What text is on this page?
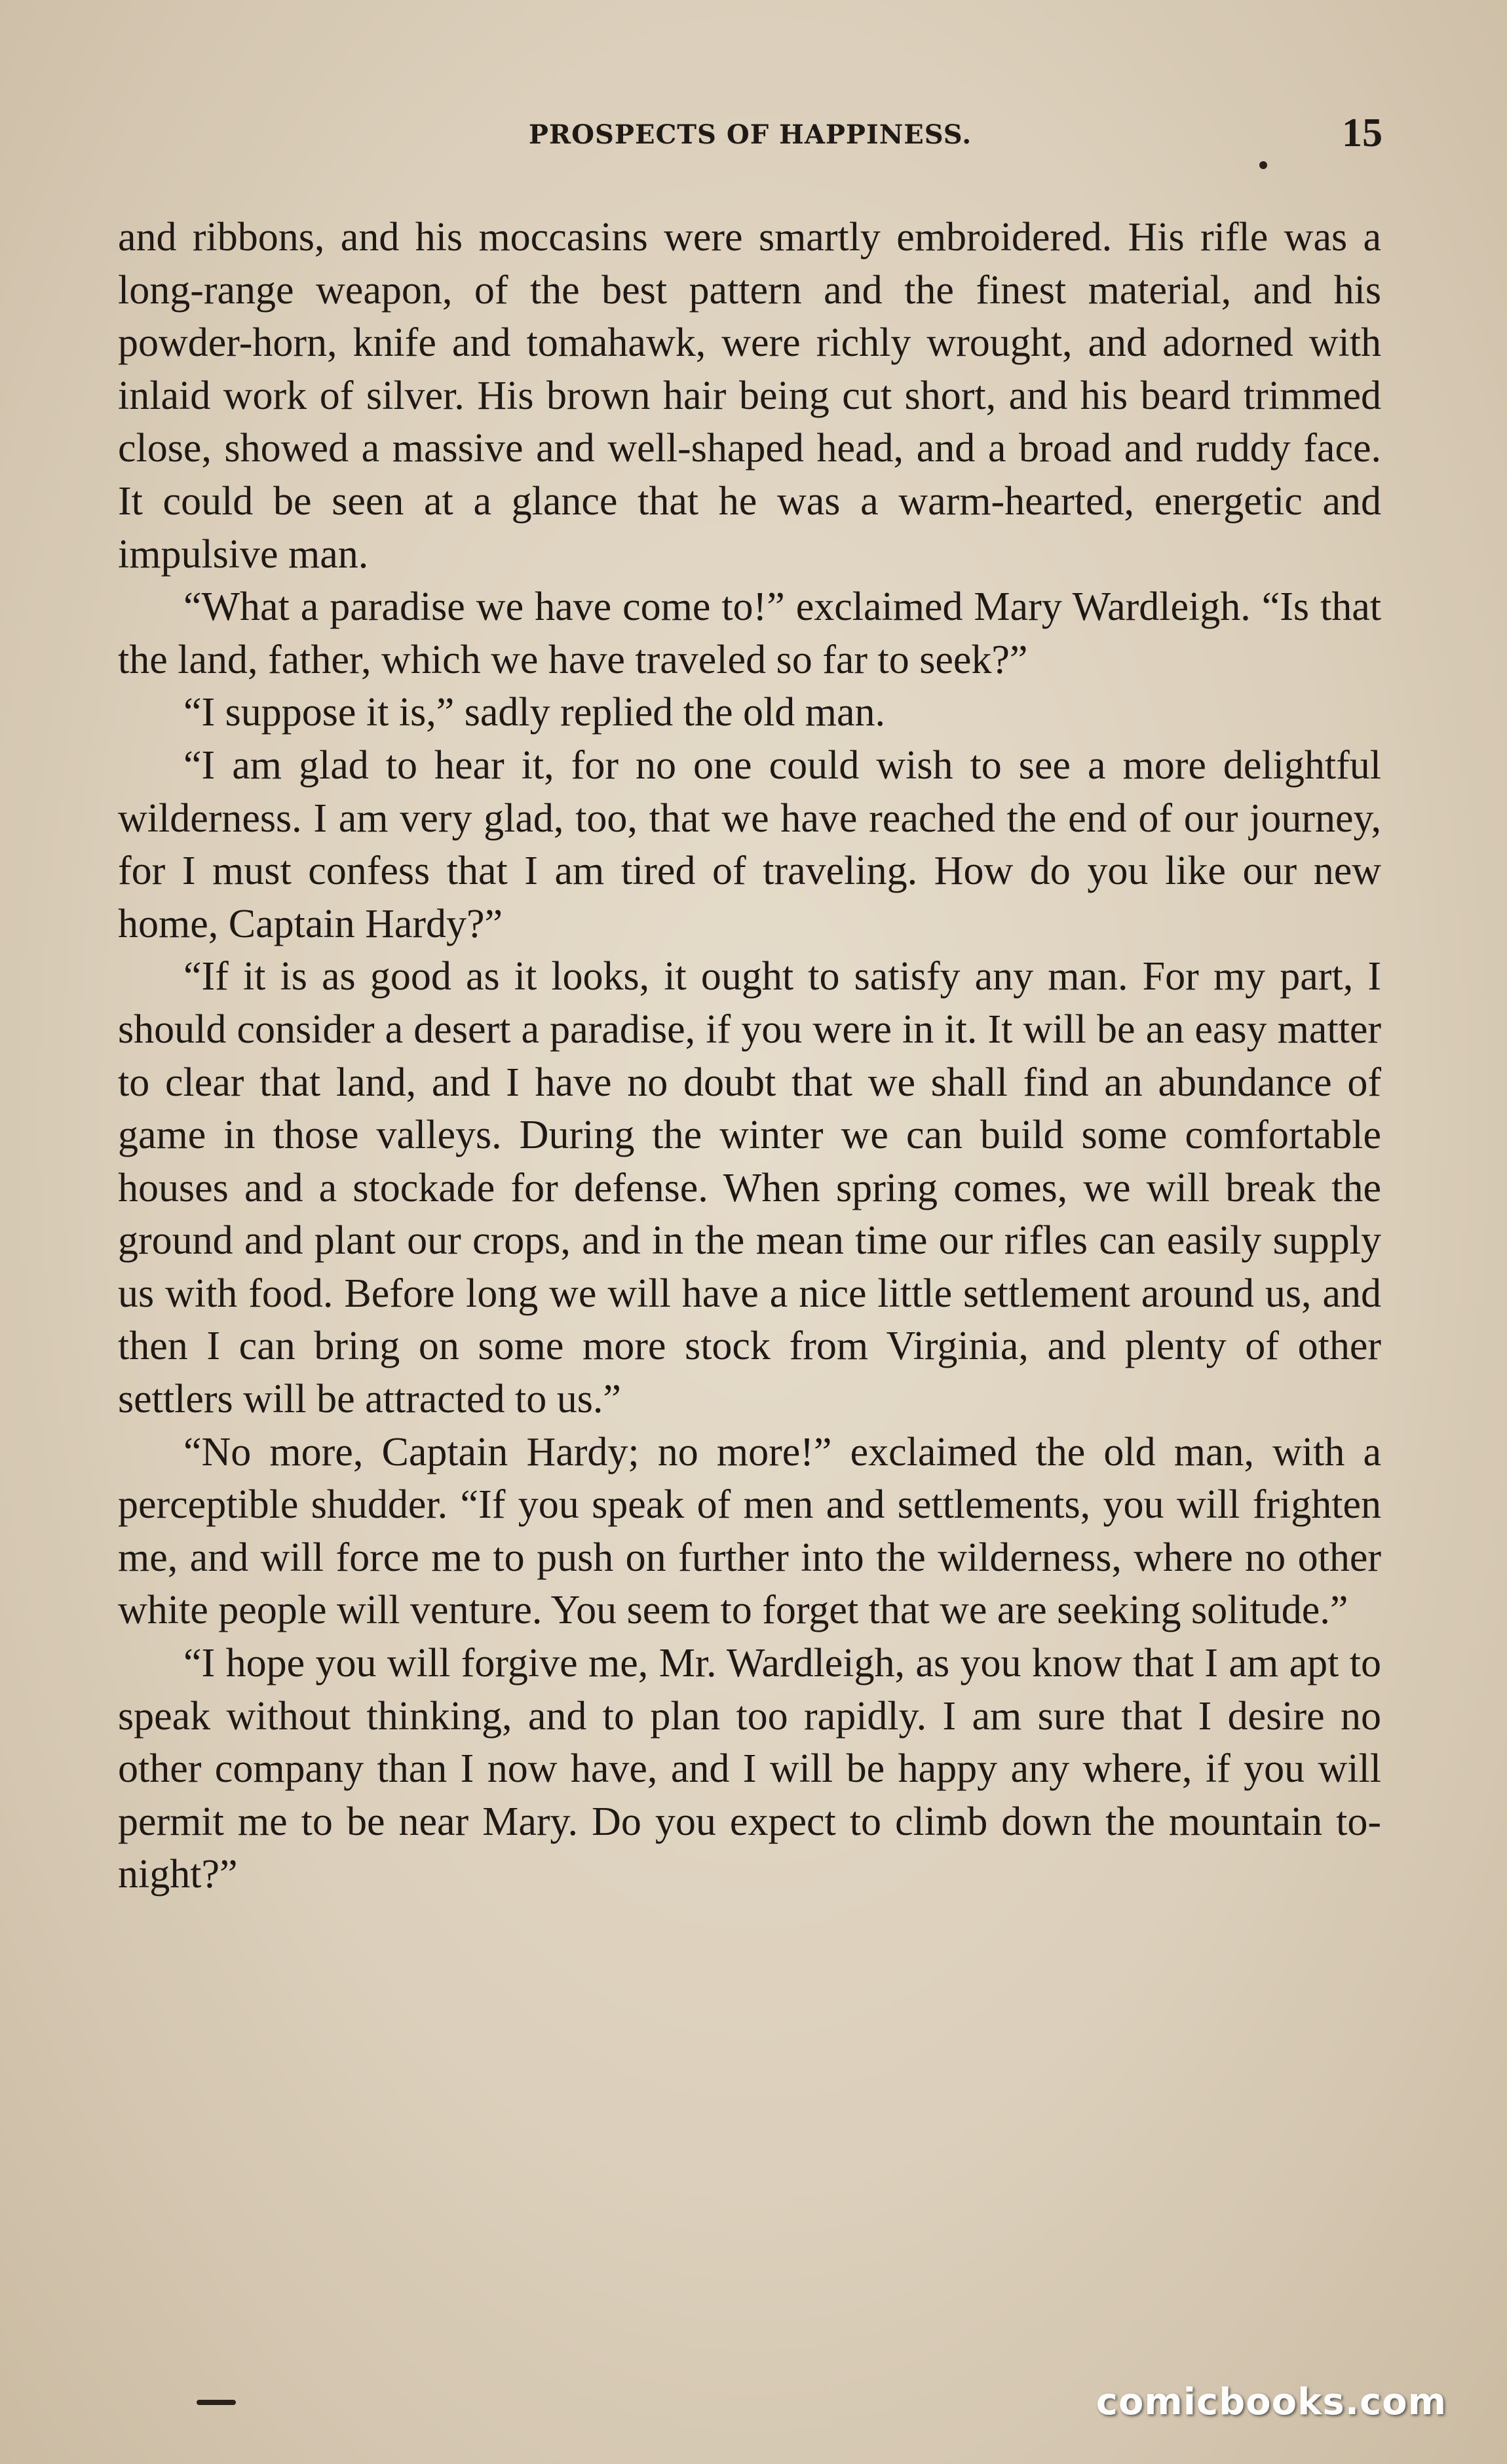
PROSPECTS OF HAPPINESS.	15

and ribbons, and his moccasins were smartly embroidered. His rifle was a long-range weapon, of the best pattern and the finest material, and his powder-horn, knife and tomahawk, were richly wrought, and adorned with inlaid work of silver. His brown hair being cut short, and his beard trimmed close, showed a massive and well-shaped head, and a broad and ruddy face. It could be seen at a glance that he was a warm-hearted, energetic and impulsive man.

“What a paradise we have come to!” exclaimed Mary Wardleigh. “Is that the land, father, which we have traveled so far to seek?”

“I suppose it is,” sadly replied the old man.

“I am glad to hear it, for no one could wish to see a more delightful wilderness. I am very glad, too, that we have reached the end of our journey, for I must confess that I am tired of traveling. How do you like our new home, Captain Hardy?”

“If it is as good as it looks, it ought to satisfy any man. For my part, I should consider a desert a paradise, if you were in it. It will be an easy matter to clear that land, and I have no doubt that we shall find an abundance of game in those valleys. During the winter we can build some comfortable houses and a stockade for defense. When spring comes, we will break the ground and plant our crops, and in the mean time our rifles can easily supply us with food. Before long we will have a nice little settlement around us, and then I can bring on some more stock from Virginia, and plenty of other settlers will be attracted to us.”

“No more, Captain Hardy; no more!” exclaimed the old man, with a perceptible shudder. “If you speak of men and settlements, you will frighten me, and will force me to push on further into the wilderness, where no other white people will venture. You seem to forget that we are seeking solitude.”

“I hope you will forgive me, Mr. Wardleigh, as you know that I am apt to speak without thinking, and to plan too rapidly. I am sure that I desire no other company than I now have, and I will be happy any where, if you will permit me to be near Mary. Do you expect to climb down the mountain to-night?”

comicbooks.com
